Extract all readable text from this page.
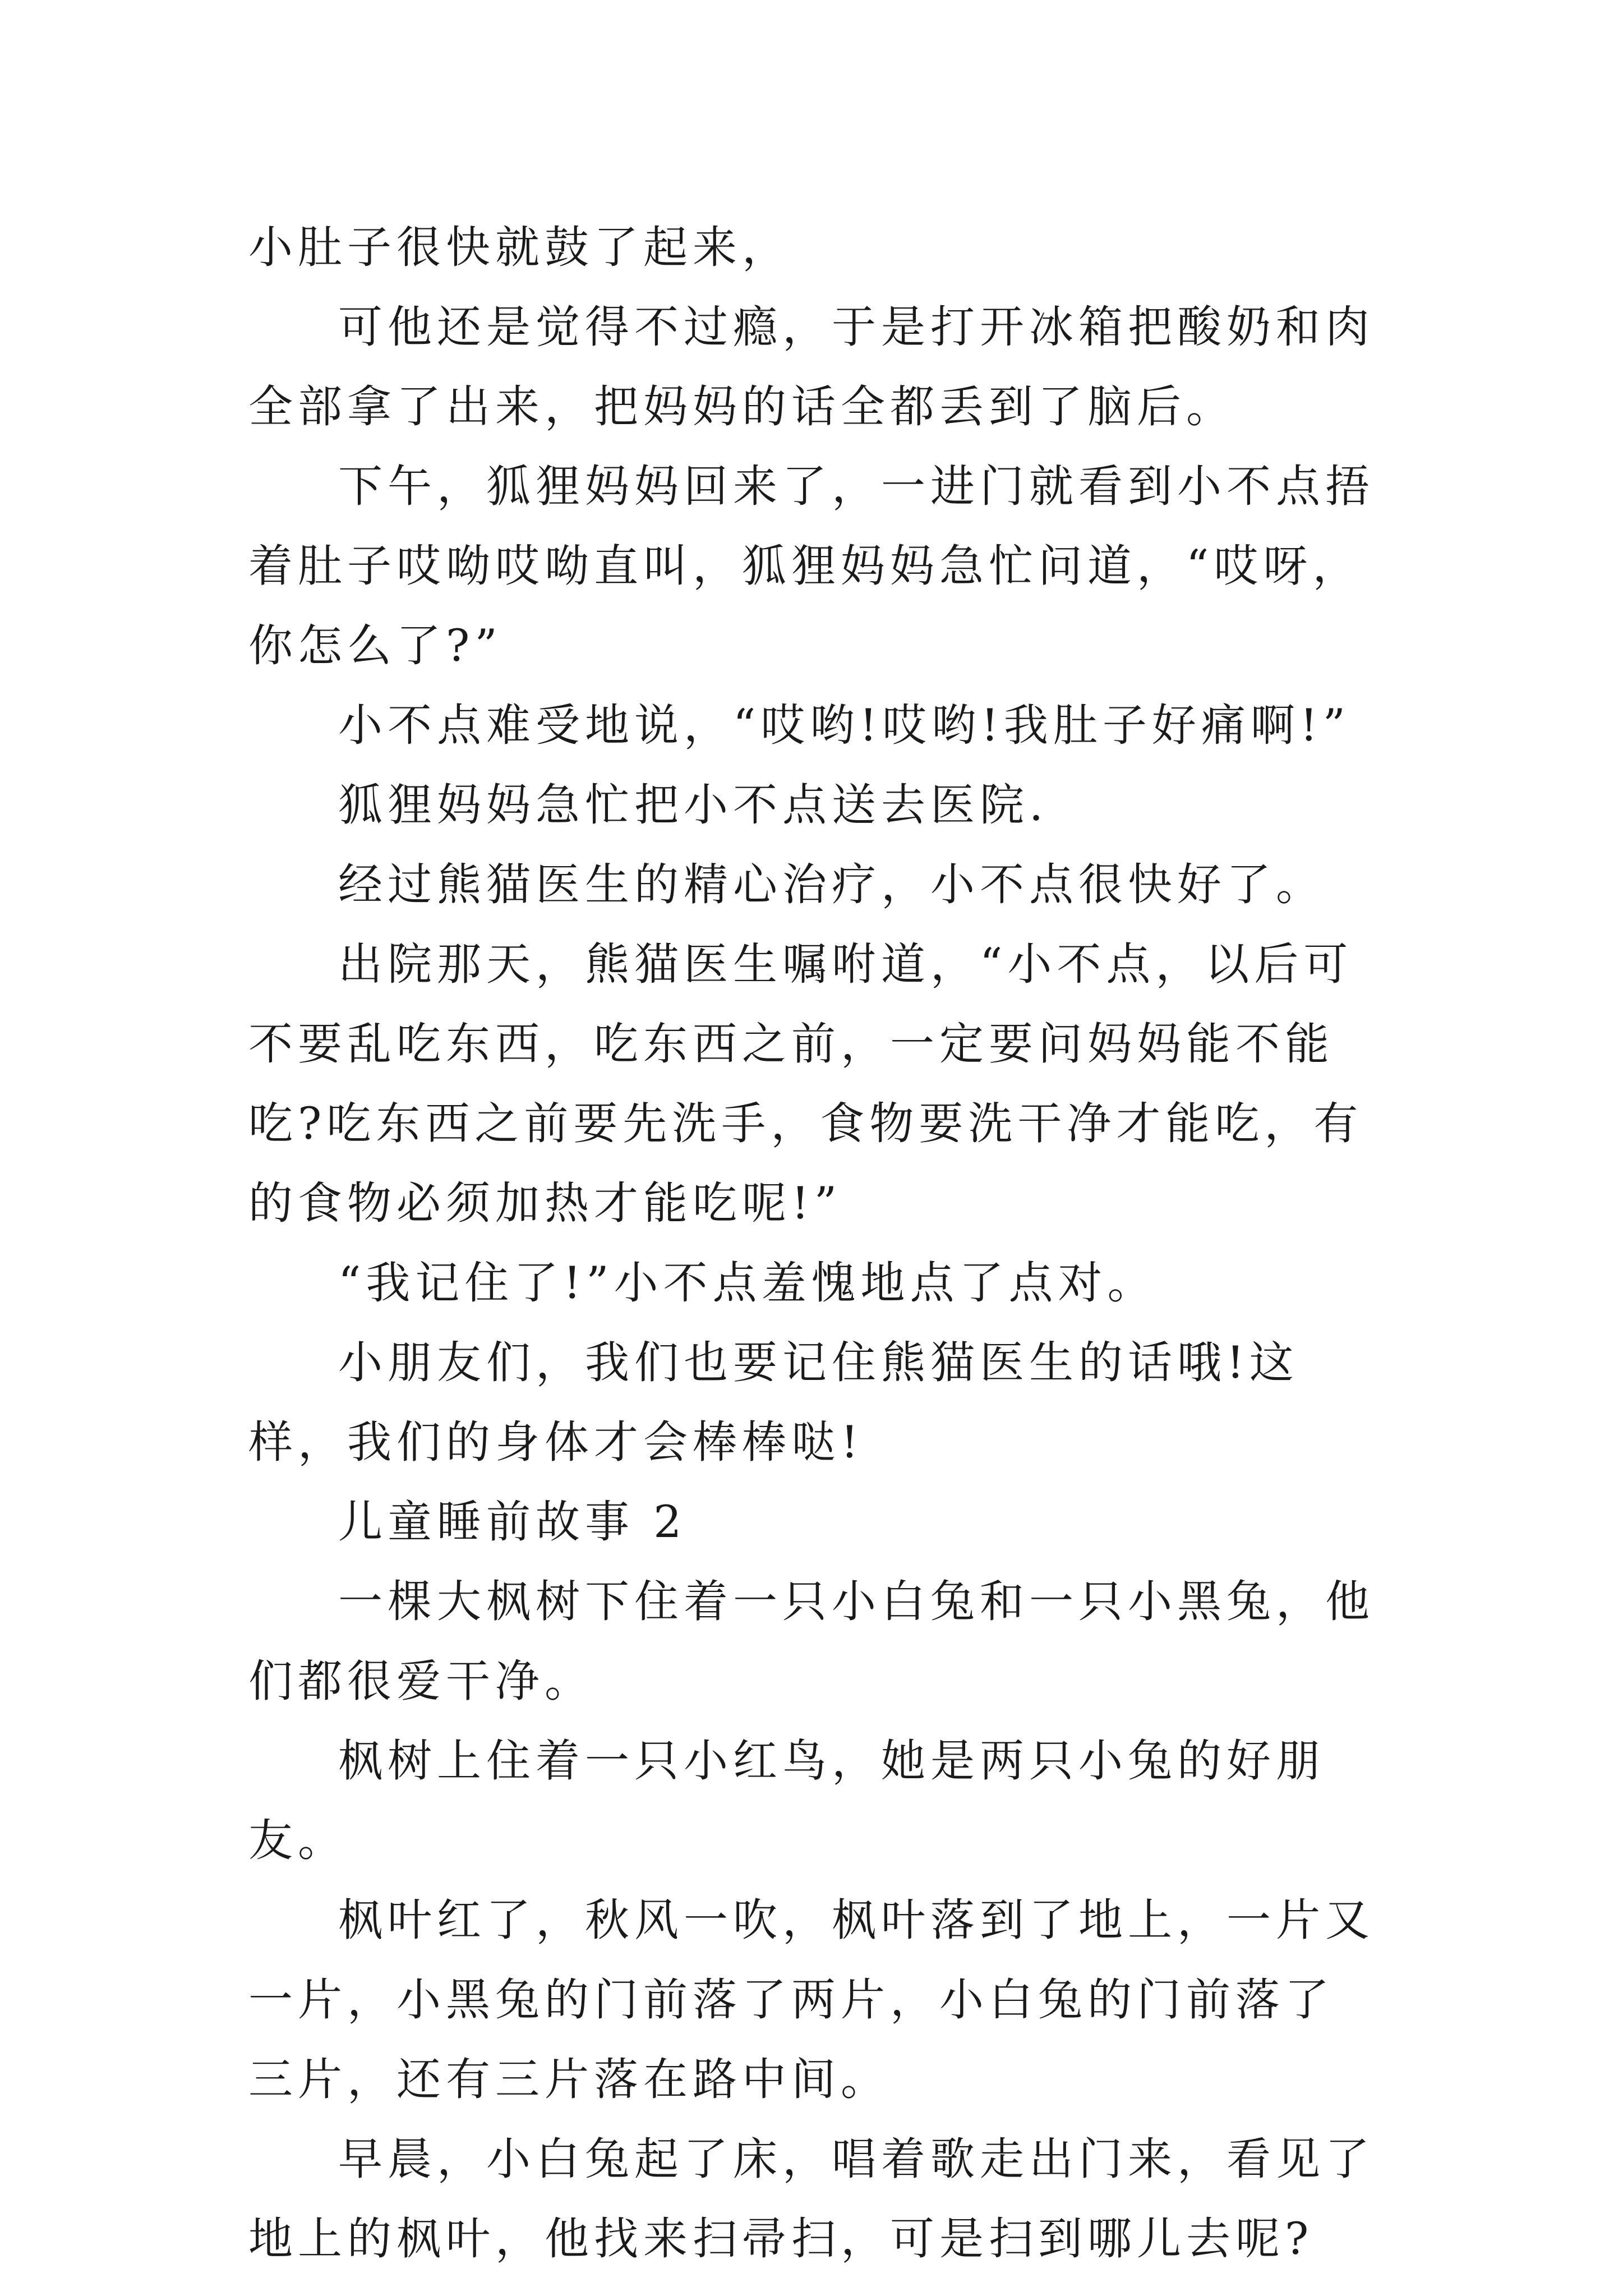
小肚子很快就鼓了起来，

可他还是觉得不过瘾，于是打开冰箱把酸奶和肉全部拿了出来，把妈妈的话全都丢到了脑后。

下午，狐狸妈妈回来了，一进门就看到小不点捂着肚子哎呦哎呦直叫，狐狸妈妈急忙问道，“哎呀，你怎么了?”

小不点难受地说，“哎哟!哎哟!我肚子好痛啊!”

狐狸妈妈急忙把小不点送去医院.

经过熊猫医生的精心治疗，小不点很快好了。

出院那天，熊猫医生嘱咐道，“小不点，以后可不要乱吃东西，吃东西之前，一定要问妈妈能不能吃?吃东西之前要先洗手，食物要洗干净才能吃，有的食物必须加热才能吃呢!”

“我记住了!”小不点羞愧地点了点对。

小朋友们，我们也要记住熊猫医生的话哦!这样，我们的身体才会棒棒哒!

儿童睡前故事 2

一棵大枫树下住着一只小白兔和一只小黑兔，他们都很爱干净。

枫树上住着一只小红鸟，她是两只小兔的好朋友。

枫叶红了，秋风一吹，枫叶落到了地上，一片又一片，小黑兔的门前落了两片，小白兔的门前落了三片，还有三片落在路中间。

早晨，小白兔起了床，唱着歌走出门来，看见了地上的枫叶，他找来扫帚扫，可是扫到哪儿去呢?
